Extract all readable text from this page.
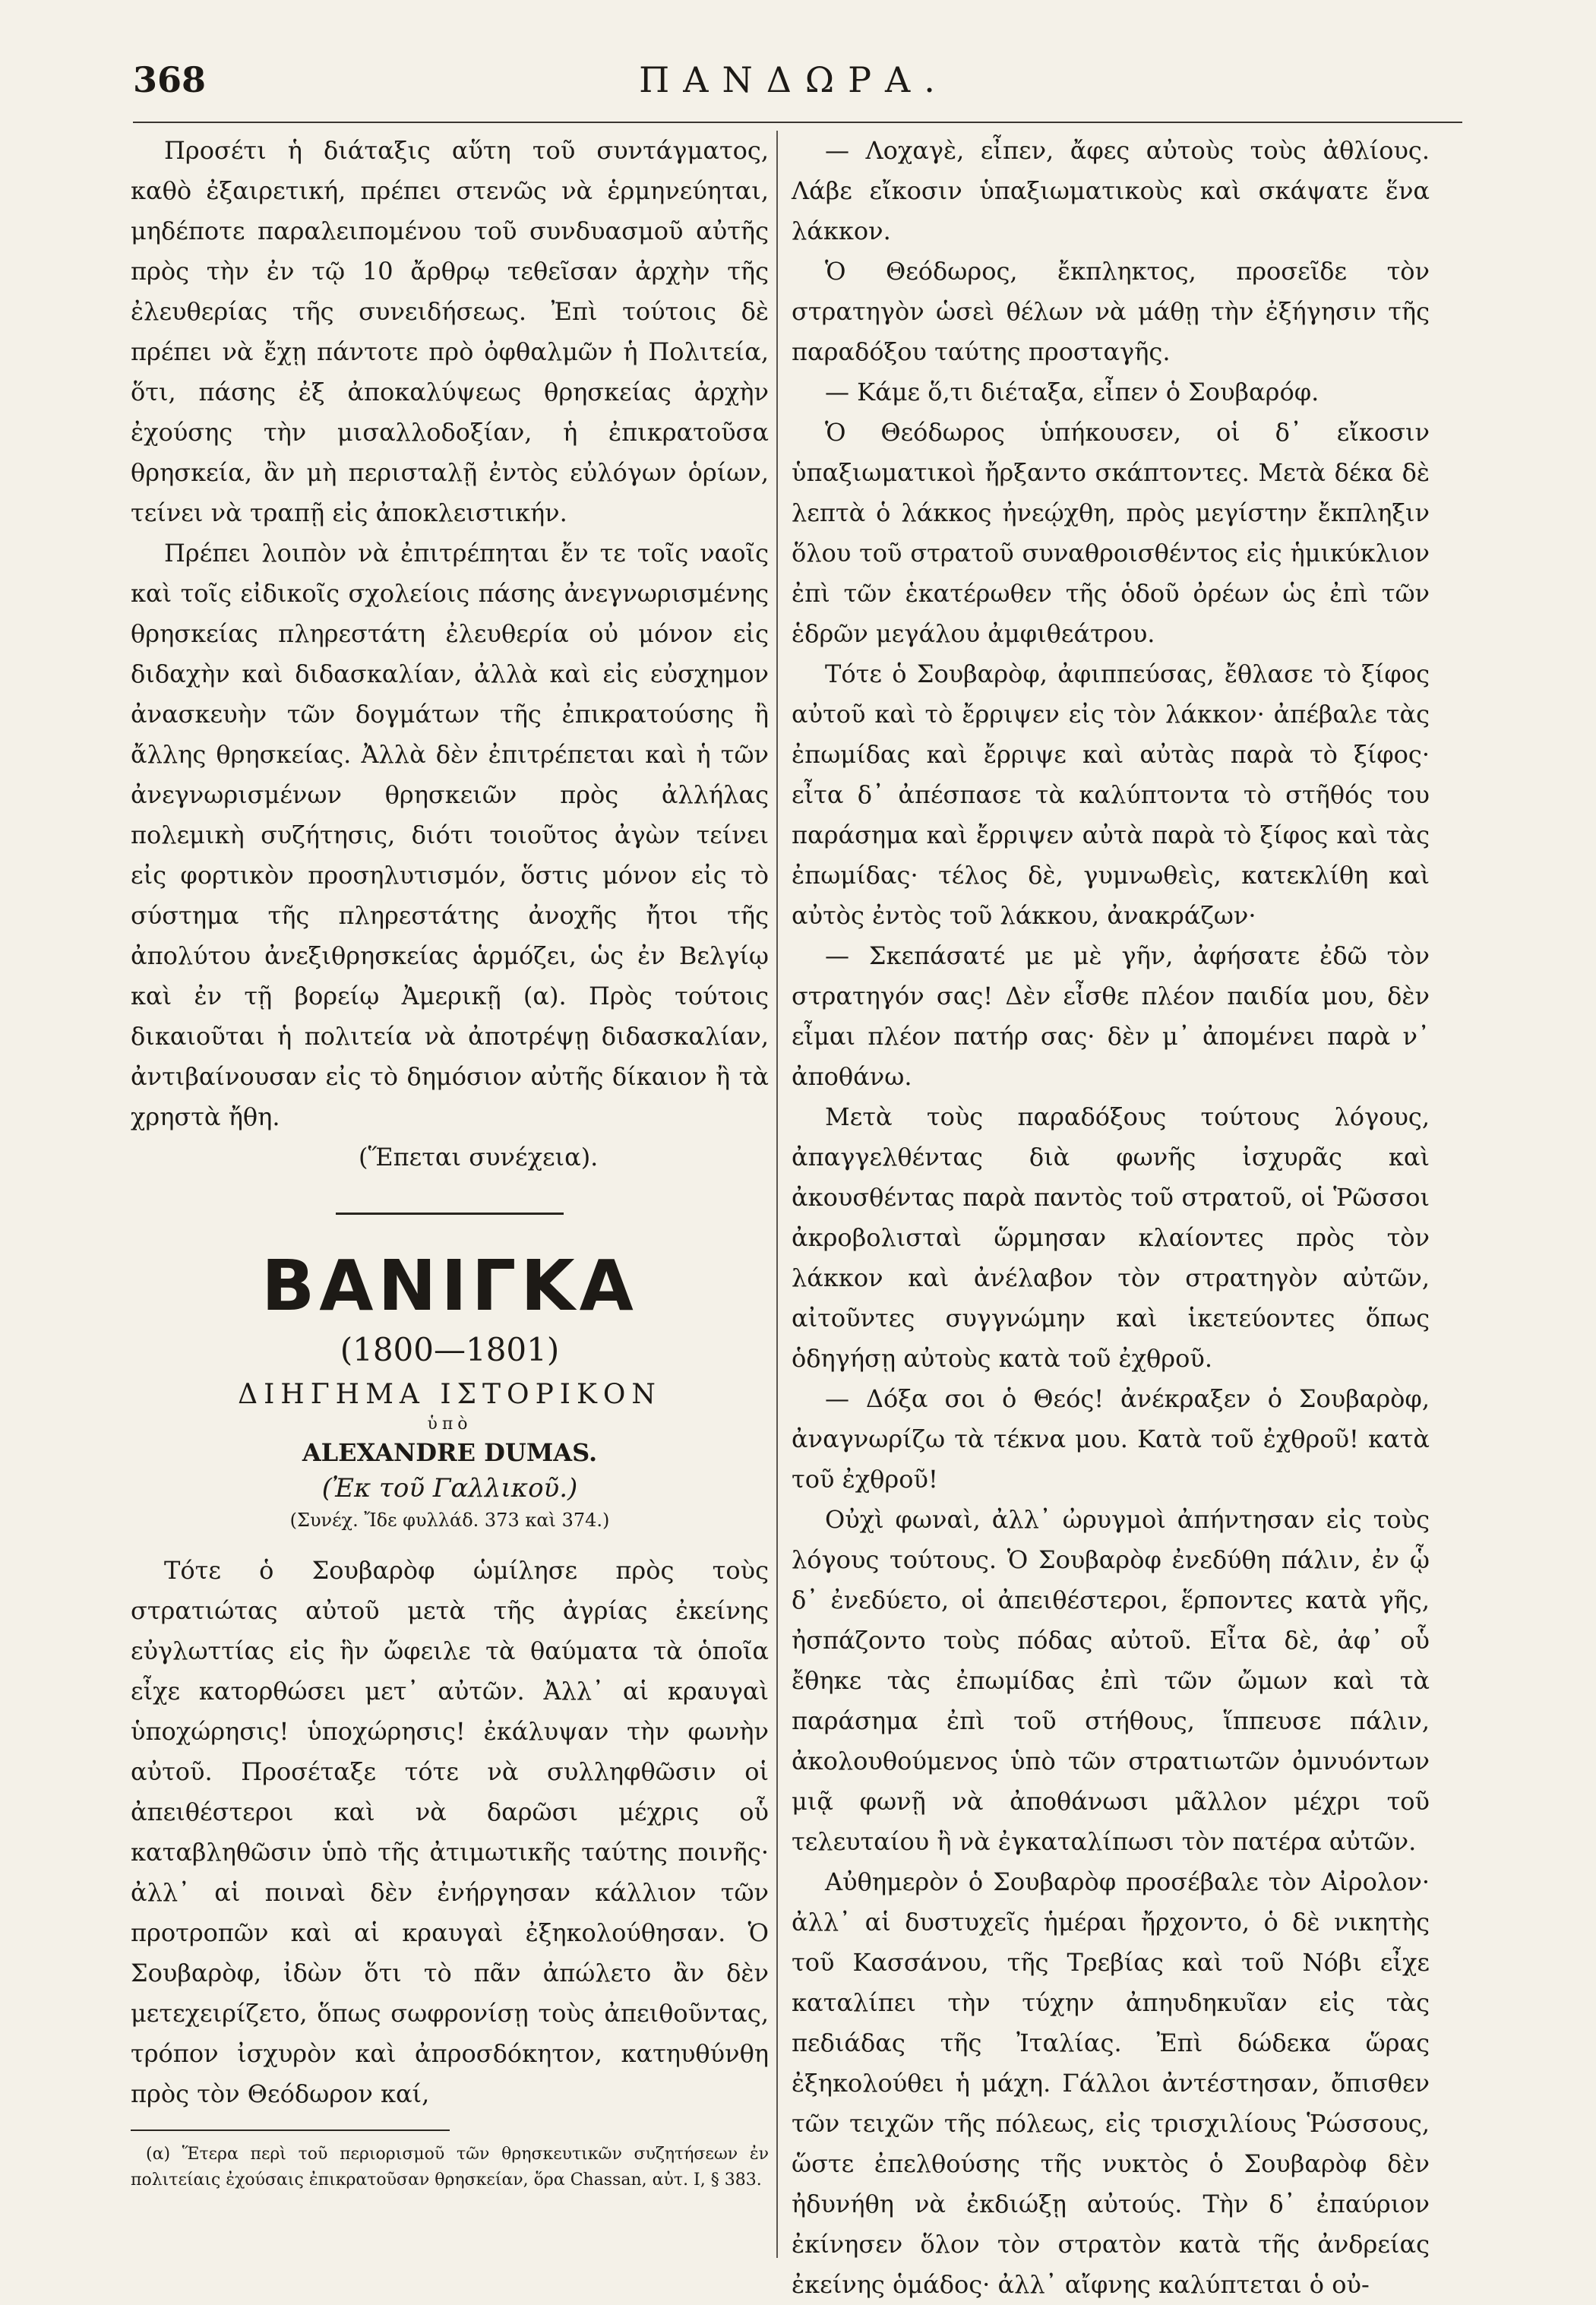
368	ΠΑΝΔΩΡΑ.

Προσέτι ἡ διάταξις αὕτη τοῦ συντάγματος, καθὸ ἐξαιρετική, πρέπει στενῶς νὰ ἑρμηνεύηται, μηδέποτε παραλειπομένου τοῦ συνδυασμοῦ αὐτῆς πρὸς τὴν ἐν τῷ 10 ἄρθρῳ τεθεῖσαν ἀρχὴν τῆς ἐλευθερίας τῆς συνειδήσεως. Ἐπὶ τούτοις δὲ πρέπει νὰ ἔχῃ πάντοτε πρὸ ὀφθαλμῶν ἡ Πολιτεία, ὅτι, πάσης ἐξ ἀποκαλύψεως θρησκείας ἀρχὴν ἐχούσης τὴν μισαλλοδοξίαν, ἡ ἐπικρατοῦσα θρησκεία, ἂν μὴ περισταλῇ ἐντὸς εὐλόγων ὁρίων, τείνει νὰ τραπῇ εἰς ἀποκλειστικήν.

Πρέπει λοιπὸν νὰ ἐπιτρέπηται ἔν τε τοῖς ναοῖς καὶ τοῖς εἰδικοῖς σχολείοις πάσης ἀνεγνωρισμένης θρησκείας πληρεστάτη ἐλευθερία οὐ μόνον εἰς διδαχὴν καὶ διδασκαλίαν, ἀλλὰ καὶ εἰς εὐσχημον ἀνασκευὴν τῶν δογμάτων τῆς ἐπικρατούσης ἢ ἄλλης θρησκείας. Ἀλλὰ δὲν ἐπιτρέπεται καὶ ἡ τῶν ἀνεγνωρισμένων θρησκειῶν πρὸς ἀλλήλας πολεμικὴ συζήτησις, διότι τοιοῦτος ἀγὼν τείνει εἰς φορτικὸν προσηλυτισμόν, ὅστις μόνον εἰς τὸ σύστημα τῆς πληρεστάτης ἀνοχῆς ἤτοι τῆς ἀπολύτου ἀνεξιθρησκείας ἁρμόζει, ὡς ἐν Βελγίῳ καὶ ἐν τῇ βορείῳ Ἀμερικῇ (α). Πρὸς τούτοις δικαιοῦται ἡ πολιτεία νὰ ἀποτρέψῃ διδασκαλίαν, ἀντιβαίνουσαν εἰς τὸ δημόσιον αὐτῆς δίκαιον ἢ τὰ χρηστὰ ἤθη.

(Ἕπεται συνέχεια).

ΒΑΝΙΓΚΑ
(1800—1801)
ΔΙΗΓΗΜΑ ΙΣΤΟΡΙΚΟΝ
ὑπὸ
ALEXANDRE DUMAS.
(Ἐκ τοῦ Γαλλικοῦ.)
(Συνέχ. Ἴδε φυλλάδ. 373 καὶ 374.)

Τότε ὁ Σουβαρὸφ ὡμίλησε πρὸς τοὺς στρατιώτας αὐτοῦ μετὰ τῆς ἀγρίας ἐκείνης εὐγλωττίας εἰς ἣν ὤφειλε τὰ θαύματα τὰ ὁποῖα εἶχε κατορθώσει μετ᾽ αὐτῶν. Ἀλλ᾽ αἱ κραυγαὶ ὑποχώρησις! ὑποχώρησις! ἐκάλυψαν τὴν φωνὴν αὐτοῦ. Προσέταξε τότε νὰ συλληφθῶσιν οἱ ἀπειθέστεροι καὶ νὰ δαρῶσι μέχρις οὗ καταβληθῶσιν ὑπὸ τῆς ἀτιμωτικῆς ταύτης ποινῆς· ἀλλ᾽ αἱ ποιναὶ δὲν ἐνήργησαν κάλλιον τῶν προτροπῶν καὶ αἱ κραυγαὶ ἐξηκολούθησαν. Ὁ Σουβαρὸφ, ἰδὼν ὅτι τὸ πᾶν ἀπώλετο ἂν δὲν μετεχειρίζετο, ὅπως σωφρονίσῃ τοὺς ἀπειθοῦντας, τρόπον ἰσχυρὸν καὶ ἀπροσδόκητον, κατηυθύνθη πρὸς τὸν Θεόδωρον καί,

(α) Ἕτερα περὶ τοῦ περιορισμοῦ τῶν θρησκευτικῶν συζητήσεων ἐν πολιτείαις ἐχούσαις ἐπικρατοῦσαν θρησκείαν, ὅρα Chassan, αὐτ. I, § 383.

— Λοχαγὲ, εἶπεν, ἄφες αὐτοὺς τοὺς ἀθλίους. Λάβε εἴκοσιν ὑπαξιωματικοὺς καὶ σκάψατε ἕνα λάκκον.

Ὁ Θεόδωρος, ἔκπληκτος, προσεῖδε τὸν στρατηγὸν ὡσεὶ θέλων νὰ μάθῃ τὴν ἐξήγησιν τῆς παραδόξου ταύτης προσταγῆς.

— Κάμε ὅ,τι διέταξα, εἶπεν ὁ Σουβαρόφ.

Ὁ Θεόδωρος ὑπήκουσεν, οἱ δ᾽ εἴκοσιν ὑπαξιωματικοὶ ἤρξαντο σκάπτοντες. Μετὰ δέκα δὲ λεπτὰ ὁ λάκκος ἠνεῴχθη, πρὸς μεγίστην ἔκπληξιν ὅλου τοῦ στρατοῦ συναθροισθέντος εἰς ἡμικύκλιον ἐπὶ τῶν ἑκατέρωθεν τῆς ὁδοῦ ὀρέων ὡς ἐπὶ τῶν ἑδρῶν μεγάλου ἀμφιθεάτρου.

Τότε ὁ Σουβαρὸφ, ἀφιππεύσας, ἔθλασε τὸ ξίφος αὐτοῦ καὶ τὸ ἔρριψεν εἰς τὸν λάκκον· ἀπέβαλε τὰς ἐπωμίδας καὶ ἔρριψε καὶ αὐτὰς παρὰ τὸ ξίφος· εἶτα δ᾽ ἀπέσπασε τὰ καλύπτοντα τὸ στῆθός του παράσημα καὶ ἔρριψεν αὐτὰ παρὰ τὸ ξίφος καὶ τὰς ἐπωμίδας· τέλος δὲ, γυμνωθεὶς, κατεκλίθη καὶ αὐτὸς ἐντὸς τοῦ λάκκου, ἀνακράζων·

— Σκεπάσατέ με μὲ γῆν, ἀφήσατε ἐδῶ τὸν στρατηγόν σας! Δὲν εἶσθε πλέον παιδία μου, δὲν εἶμαι πλέον πατήρ σας· δὲν μ᾽ ἀπομένει παρὰ ν᾽ ἀποθάνω.

Μετὰ τοὺς παραδόξους τούτους λόγους, ἀπαγγελθέντας διὰ φωνῆς ἰσχυρᾶς καὶ ἀκουσθέντας παρὰ παντὸς τοῦ στρατοῦ, οἱ Ῥῶσσοι ἀκροβολισταὶ ὥρμησαν κλαίοντες πρὸς τὸν λάκκον καὶ ἀνέλαβον τὸν στρατηγὸν αὐτῶν, αἰτοῦντες συγγνώμην καὶ ἱκετεύοντες ὅπως ὁδηγήσῃ αὐτοὺς κατὰ τοῦ ἐχθροῦ.

— Δόξα σοι ὁ Θεός! ἀνέκραξεν ὁ Σουβαρὸφ, ἀναγνωρίζω τὰ τέκνα μου. Κατὰ τοῦ ἐχθροῦ! κατὰ τοῦ ἐχθροῦ!

Οὐχὶ φωναὶ, ἀλλ᾽ ὠρυγμοὶ ἀπήντησαν εἰς τοὺς λόγους τούτους. Ὁ Σουβαρὸφ ἐνεδύθη πάλιν, ἐν ᾧ δ᾽ ἐνεδύετο, οἱ ἀπειθέστεροι, ἕρποντες κατὰ γῆς, ἠσπάζοντο τοὺς πόδας αὐτοῦ. Εἶτα δὲ, ἀφ᾽ οὗ ἔθηκε τὰς ἐπωμίδας ἐπὶ τῶν ὤμων καὶ τὰ παράσημα ἐπὶ τοῦ στήθους, ἵππευσε πάλιν, ἀκολουθούμενος ὑπὸ τῶν στρατιωτῶν ὀμνυόντων μιᾷ φωνῇ νὰ ἀποθάνωσι μᾶλλον μέχρι τοῦ τελευταίου ἢ νὰ ἐγκαταλίπωσι τὸν πατέρα αὐτῶν.

Αὐθημερὸν ὁ Σουβαρὸφ προσέβαλε τὸν Αἰρολον· ἀλλ᾽ αἱ δυστυχεῖς ἡμέραι ἤρχοντο, ὁ δὲ νικητὴς τοῦ Κασσάνου, τῆς Τρεβίας καὶ τοῦ Νόβι εἶχε καταλίπει τὴν τύχην ἀπηυδηκυῖαν εἰς τὰς πεδιάδας τῆς Ἰταλίας. Ἐπὶ δώδεκα ὥρας ἐξηκολούθει ἡ μάχη. Γάλλοι ἀντέστησαν, ὄπισθεν τῶν τειχῶν τῆς πόλεως, εἰς τρισχιλίους Ῥώσσους, ὥστε ἐπελθούσης τῆς νυκτὸς ὁ Σουβαρὸφ δὲν ἠδυνήθη νὰ ἐκδιώξῃ αὐτούς. Τὴν δ᾽ ἐπαύριον ἐκίνησεν ὅλον τὸν στρατὸν κατὰ τῆς ἀνδρείας ἐκείνης ὁμάδος· ἀλλ᾽ αἴφνης καλύπτεται ὁ οὐ-
